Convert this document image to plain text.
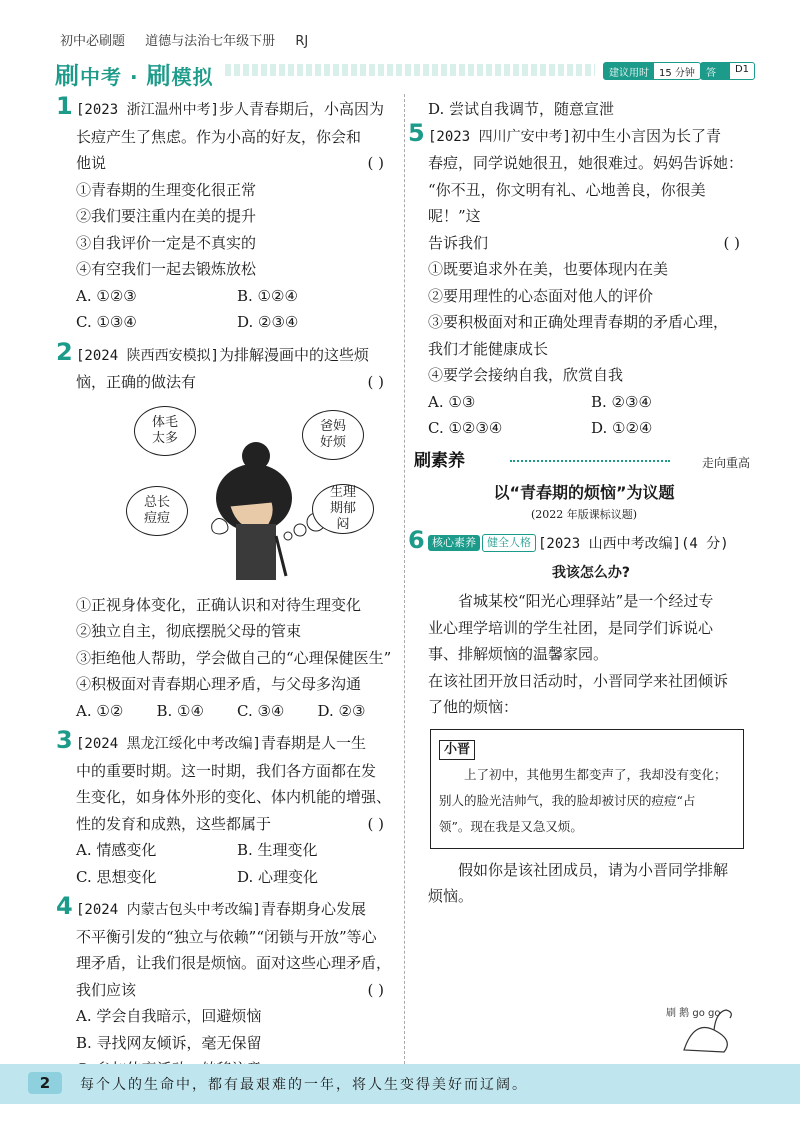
初中必刷题 道德与法治七年级下册 RJ
刷中考 · 刷模拟	建议用时	15 分钟	答案
D1
1 [2023 浙江温州中考]步人青春期后，小高因为
长痘产生了焦虑。作为小高的好友，你会和
他说	( )
①青春期的生理变化很正常
②我们要注重内在美的提升
③自我评价一定是不真实的
④有空我们一起去锻炼放松
A. ①②③	B. ①②④
C. ①③④	D. ②③④
2 [2024 陕西西安模拟]为排解漫画中的这些烦
恼，正确的做法有	( )
体毛太多
爸妈好烦
总长痘痘
生理期郁闷
①正视身体变化，正确认识和对待生理变化
②独立自主，彻底摆脱父母的管束
③拒绝他人帮助，学会做自己的“心理保健医生”
④积极面对青春期心理矛盾，与父母多沟通
A. ①②	B. ①④	C. ③④	D. ②③
3 [2024 黑龙江绥化中考改编]青春期是人一生
中的重要时期。这一时期，我们各方面都在发
生变化，如身体外形的变化、体内机能的增强、
性的发育和成熟，这些都属于	( )
A. 情感变化	B. 生理变化
C. 思想变化	D. 心理变化
4 [2024 内蒙古包头中考改编]青春期身心发展
不平衡引发的“独立与依赖”“闭锁与开放”等心
理矛盾，让我们很是烦恼。面对这些心理矛盾，
我们应该	( )
A. 学会自我暗示，回避烦恼
B. 寻找网友倾诉，毫无保留
D. 尝试自我调节，随意宣泄
5 [2023 四川广安中考]初中生小言因为长了青
春痘，同学说她很丑，她很难过。妈妈告诉她：
“你不丑，你文明有礼、心地善良，你很美呢！”这
告诉我们	( )
①既要追求外在美，也要体现内在美
②要用理性的心态面对他人的评价
③要积极面对和正确处理青春期的矛盾心理，
我们才能健康成长
④要学会接纳自我，欣赏自我
A. ①③	B. ②③④
C. ①②③④	D. ①②④
刷素养	走向重高
以“青春期的烦恼”为议题
(2022 年版课标议题)
6 核心素养 健全人格 [2023 山西中考改编](4 分)
我该怎么办?
省城某校“阳光心理驿站”是一个经过专
业心理学培训的学生社团，是同学们诉说心
事、排解烦恼的温馨家园。
在该社团开放日活动时，小晋同学来社团倾诉
了他的烦恼：
小晋
上了初中，其他男生都变声了，我却没有变化；
别人的脸光洁帅气，我的脸却被讨厌的痘痘“占
领”。现在我是又急又烦。
假如你是该社团成员，请为小晋同学排解
烦恼。
刷 鹅 go go
2	每个人的生命中，都有最艰难的一年，将人生变得美好而辽阔。
